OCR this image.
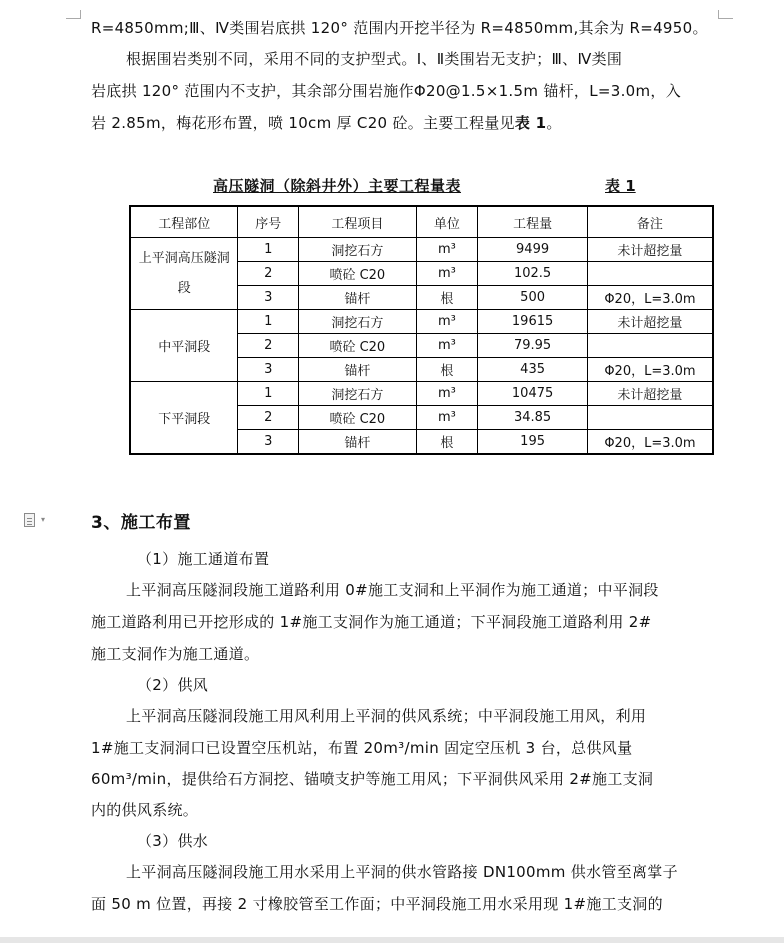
R=4850mm;Ⅲ、Ⅳ类围岩底拱 120° 范围内开挖半径为 R=4850mm,其余为 R=4950。
根据围岩类别不同，采用不同的支护型式。Ⅰ、Ⅱ类围岩无支护；Ⅲ、Ⅳ类围
岩底拱 120° 范围内不支护，其余部分围岩施作Φ20@1.5×1.5m 锚杆，L=3.0m，入
岩 2.85m，梅花形布置，喷 10cm 厚 C20 砼。主要工程量见表 1。
高压隧洞（除斜井外）主要工程量表	表 1
工程部位	序号	工程项目	单位	工程量	备注
上平洞高压隧洞段	1	洞挖石方	m³	9499	未计超挖量
	2	喷砼 C20	m³	102.5	
	3	锚杆	根	500	Φ20，L=3.0m
中平洞段	1	洞挖石方	m³	19615	未计超挖量
	2	喷砼 C20	m³	79.95	
	3	锚杆	根	435	Φ20，L=3.0m
下平洞段	1	洞挖石方	m³	10475	未计超挖量
	2	喷砼 C20	m³	34.85	
	3	锚杆	根	195	Φ20，L=3.0m
▾	3、施工布置
（1）施工通道布置
上平洞高压隧洞段施工道路利用 0#施工支洞和上平洞作为施工通道；中平洞段
施工道路利用已开挖形成的 1#施工支洞作为施工通道；下平洞段施工道路利用 2#
施工支洞作为施工通道。
（2）供风
上平洞高压隧洞段施工用风利用上平洞的供风系统；中平洞段施工用风，利用
1#施工支洞洞口已设置空压机站，布置 20m³/min 固定空压机 3 台，总供风量
60m³/min，提供给石方洞挖、锚喷支护等施工用风；下平洞供风采用 2#施工支洞
内的供风系统。
（3）供水
上平洞高压隧洞段施工用水采用上平洞的供水管路接 DN100mm 供水管至离掌子
面 50 m 位置，再接 2 寸橡胶管至工作面；中平洞段施工用水采用现 1#施工支洞的
